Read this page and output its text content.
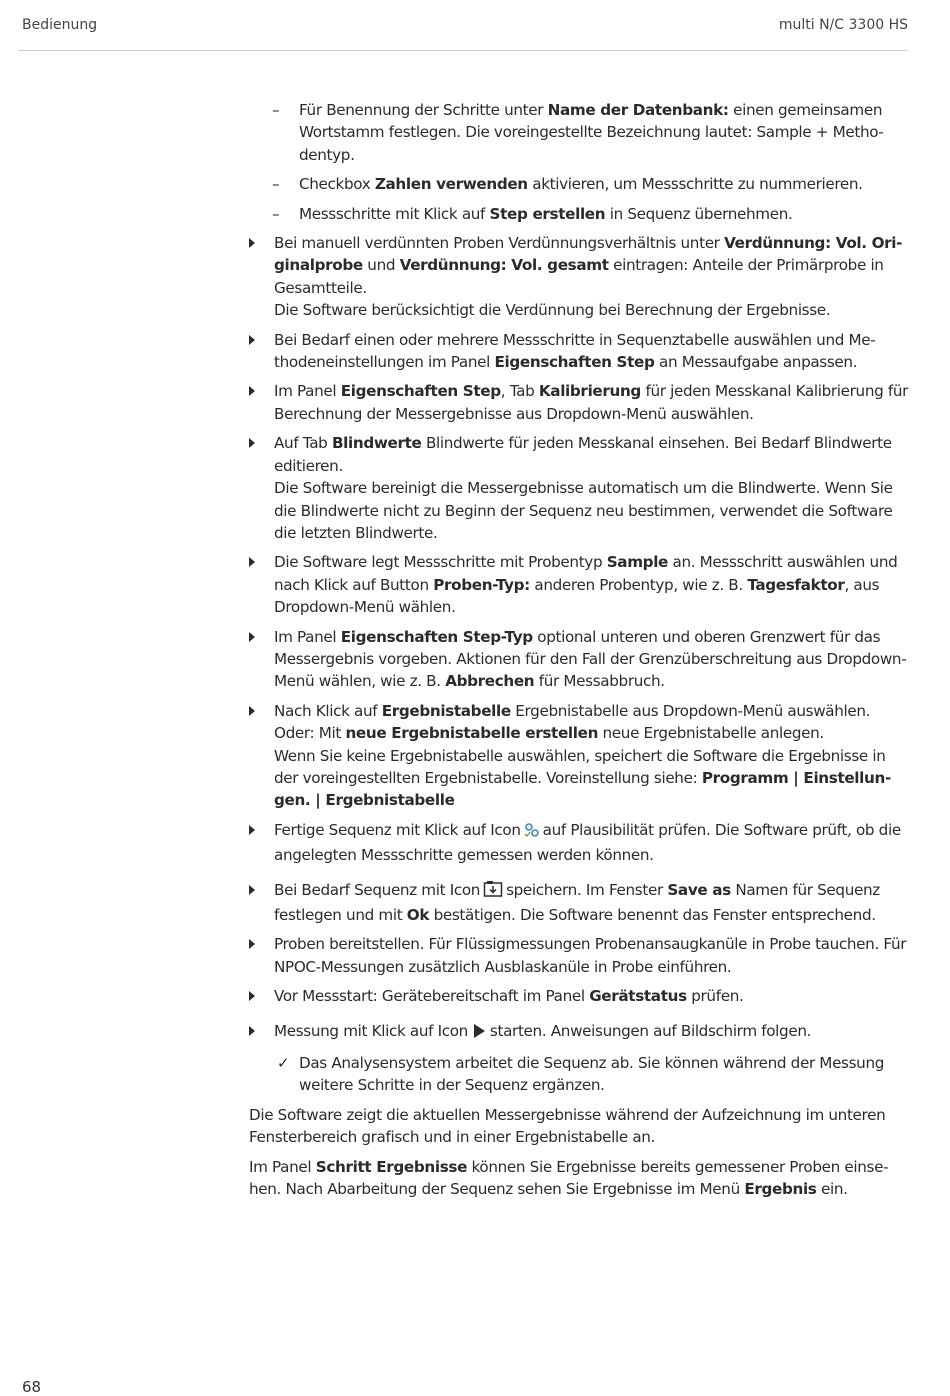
Bedienung	multi N/C 3300 HS
–	Für Benennung der Schritte unter Name der Datenbank: einen gemeinsamen Wortstamm festlegen. Die voreingestellte Bezeichnung lautet: Sample + Methodentyp.
–	Checkbox Zahlen verwenden aktivieren, um Messschritte zu nummerieren.
–	Messschritte mit Klick auf Step erstellen in Sequenz übernehmen.
Bei manuell verdünnten Proben Verdünnungsverhältnis unter Verdünnung: Vol. Originalprobe und Verdünnung: Vol. gesamt eintragen: Anteile der Primärprobe in Gesamtteile.
Die Software berücksichtigt die Verdünnung bei Berechnung der Ergebnisse.
Bei Bedarf einen oder mehrere Messschritte in Sequenztabelle auswählen und Methodeneinstellungen im Panel Eigenschaften Step an Messaufgabe anpassen.
Im Panel Eigenschaften Step, Tab Kalibrierung für jeden Messkanal Kalibrierung für Berechnung der Messergebnisse aus Dropdown-Menü auswählen.
Auf Tab Blindwerte Blindwerte für jeden Messkanal einsehen. Bei Bedarf Blindwerte editieren.
Die Software bereinigt die Messergebnisse automatisch um die Blindwerte. Wenn Sie die Blindwerte nicht zu Beginn der Sequenz neu bestimmen, verwendet die Software die letzten Blindwerte.
Die Software legt Messschritte mit Probentyp Sample an. Messschritt auswählen und nach Klick auf Button Proben-Typ: anderen Probentyp, wie z. B. Tagesfaktor, aus Dropdown-Menü wählen.
Im Panel Eigenschaften Step-Typ optional unteren und oberen Grenzwert für das Messergebnis vorgeben. Aktionen für den Fall der Grenzüberschreitung aus Dropdown-Menü wählen, wie z. B. Abbrechen für Messabbruch.
Nach Klick auf Ergebnistabelle Ergebnistabelle aus Dropdown-Menü auswählen.
Oder: Mit neue Ergebnistabelle erstellen neue Ergebnistabelle anlegen.
Wenn Sie keine Ergebnistabelle auswählen, speichert die Software die Ergebnisse in der voreingestellten Ergebnistabelle. Voreinstellung siehe: Programm | Einstellungen. | Ergebnistabelle
Fertige Sequenz mit Klick auf Icon auf Plausibilität prüfen. Die Software prüft, ob die angelegten Messschritte gemessen werden können.
Bei Bedarf Sequenz mit Icon speichern. Im Fenster Save as Namen für Sequenz festlegen und mit Ok bestätigen. Die Software benennt das Fenster entsprechend.
Proben bereitstellen. Für Flüssigmessungen Probenansaugkanüle in Probe tauchen. Für NPOC-Messungen zusätzlich Ausblaskanüle in Probe einführen.
Vor Messstart: Gerätebereitschaft im Panel Gerätstatus prüfen.
Messung mit Klick auf Icon starten. Anweisungen auf Bildschirm folgen.
✓ Das Analysensystem arbeitet die Sequenz ab. Sie können während der Messung weitere Schritte in der Sequenz ergänzen.
Die Software zeigt die aktuellen Messergebnisse während der Aufzeichnung im unteren Fensterbereich grafisch und in einer Ergebnistabelle an.
Im Panel Schritt Ergebnisse können Sie Ergebnisse bereits gemessener Proben einsehen. Nach Abarbeitung der Sequenz sehen Sie Ergebnisse im Menü Ergebnis ein.
68
